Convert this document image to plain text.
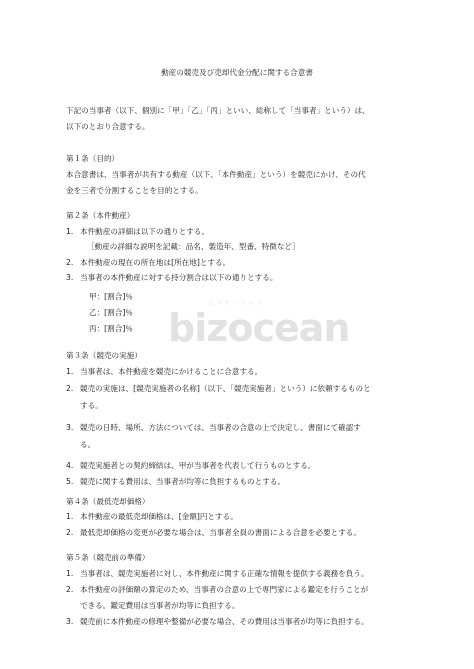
動産の競売及び売却代金分配に関する合意書
下記の当事者（以下、個別に「甲」「乙」「丙」といい、総称して「当事者」という）は、
以下のとおり合意する。
第１条（目的）
本合意書は、当事者が共有する動産（以下、「本件動産」という）を競売にかけ、その代
金を三者で分割することを目的とする。
第２条（本件動産）
1. 本件動産の詳細は以下の通りとする。
［動産の詳細な説明を記載：品名、製造年、型番、特徴など］
2. 本件動産の現在の所在地は[所在地]とする。
3. 当事者の本件動産に対する持分割合は以下の通りとする。
甲：[割合]％
乙：[割合]％
丙：[割合]％
第３条（競売の実施）
1. 当事者は、本件動産を競売にかけることに合意する。
2. 競売の実施は、[競売実施者の名称]（以下、「競売実施者」という）に依頼するものと
する。
3. 競売の日時、場所、方法については、当事者の合意の上で決定し、書面にて確認す
る。
4. 競売実施者との契約締結は、甲が当事者を代表して行うものとする。
5. 競売に関する費用は、当事者が均等に負担するものとする。
第４条（最低売却価格）
1. 本件動産の最低売却価格は、[金額]円とする。
2. 最低売却価格の変更が必要な場合は、当事者全員の書面による合意を必要とする。
第５条（競売前の準備）
1. 当事者は、競売実施者に対し、本件動産に関する正確な情報を提供する義務を負う。
2. 本件動産の評価額の算定のため、当事者の合意の上で専門家による鑑定を行うことが
できる。鑑定費用は当事者が均等に負担する。
3. 競売前に本件動産の修理や整備が必要な場合、その費用は当事者が均等に負担する。
ビズオーシャン
bizocean
